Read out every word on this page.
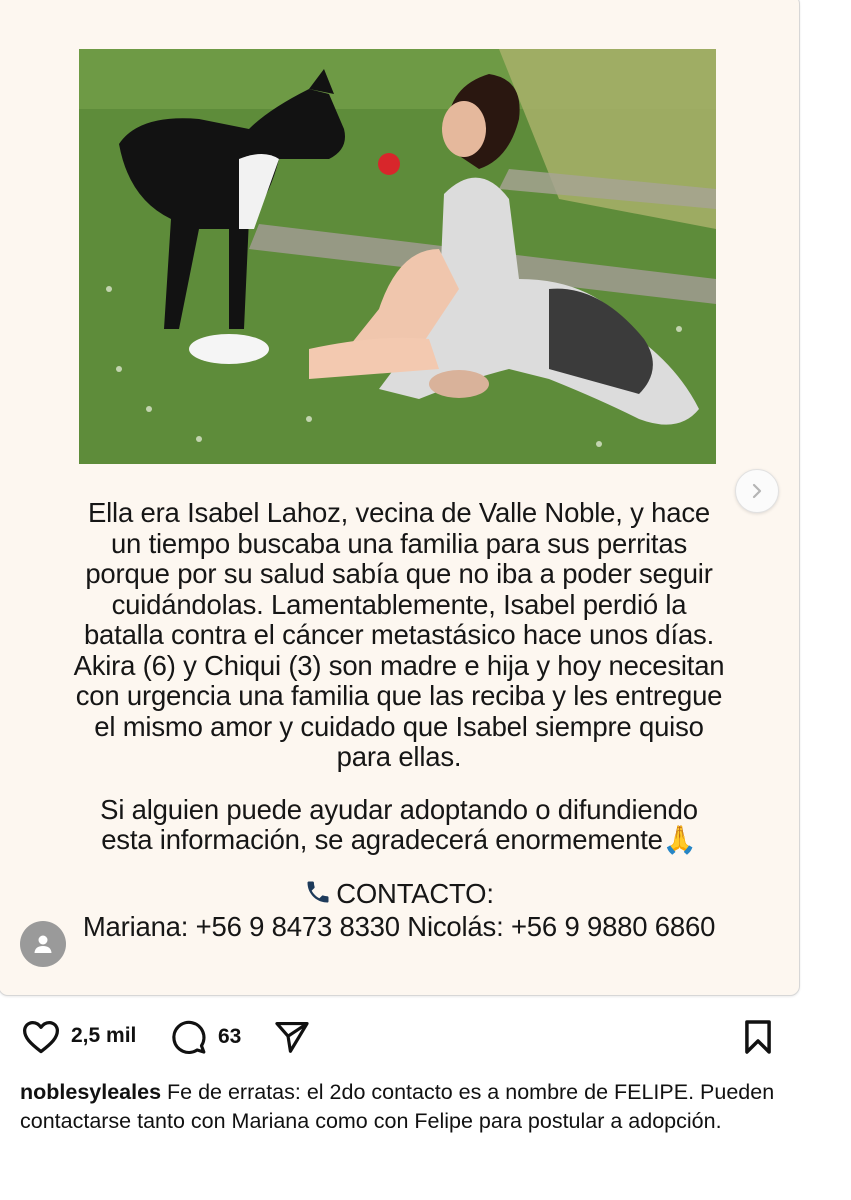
Ella era Isabel Lahoz, vecina de Valle Noble, y hace

un tiempo buscaba una familia para sus perritas

porque por su salud sabía que no iba a poder seguir

cuidándolas. Lamentablemente, Isabel perdió la

batalla contra el cáncer metastásico hace unos días.

Akira (6) y Chiqui (3) son madre e hija y hoy necesitan

con urgencia una familia que las reciba y les entregue

el mismo amor y cuidado que Isabel siempre quiso

para ellas.

Si alguien puede ayudar adoptando o difundiendo

esta información, se agradecerá enormemente🙏

CONTACTO:

Mariana: +56 9 8473 8330 Nicolás: +56 9 9880 6860

2,5 mil	63
noblesyleales Fe de erratas: el 2do contacto es a nombre de FELIPE. Pueden contactarse tanto con Mariana como con Felipe para postular a adopción.
